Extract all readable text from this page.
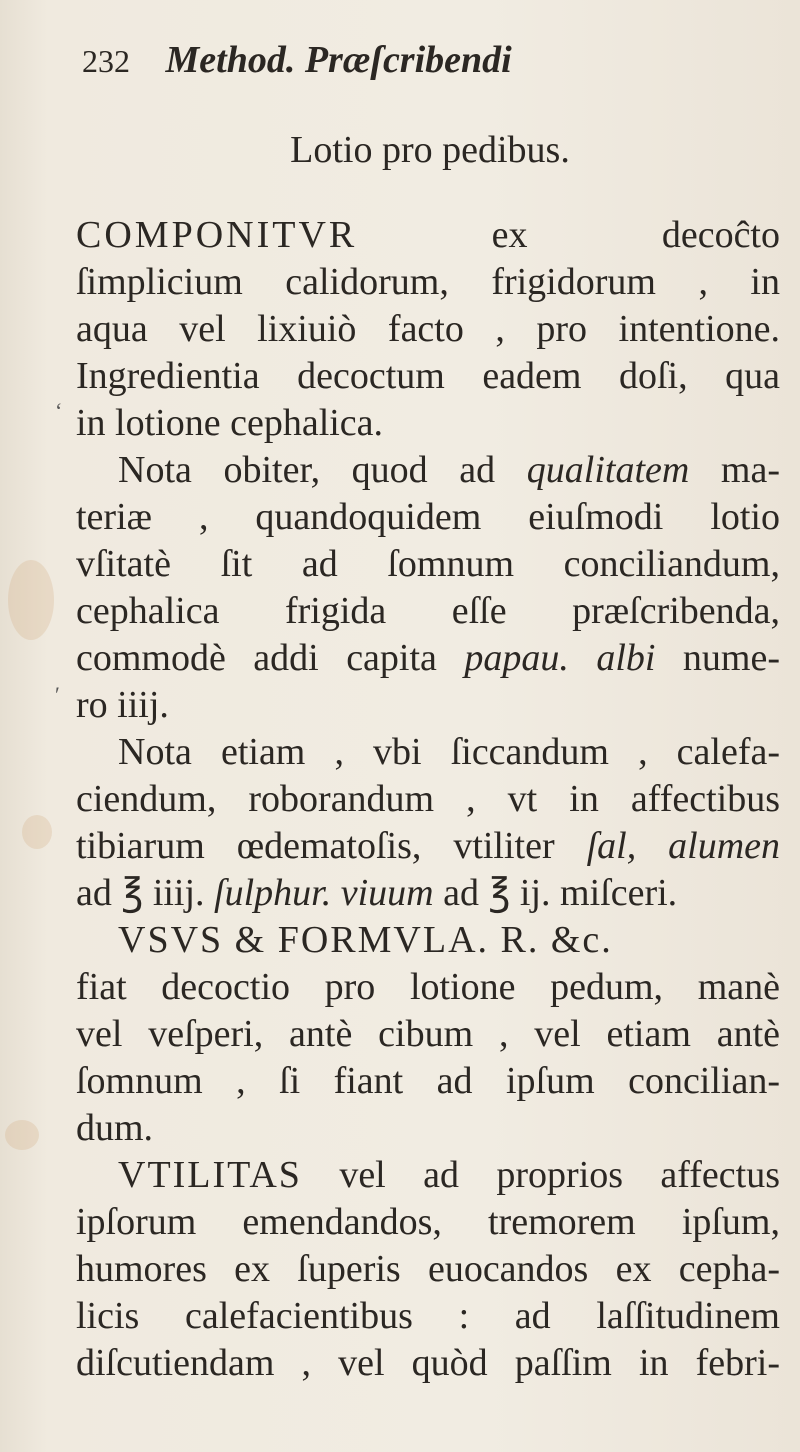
232 Method. Præſcribendi
Lotio pro pedibus.
‘
′
COMPONITVR ex decoĉto
ſimplicium calidorum, frigidorum , in
aqua vel lixiuiò facto , pro intentione.
Ingredientia decoctum eadem doſi, qua
in lotione cephalica.
Nota obiter, quod ad qualitatem ma-
teriæ , quandoquidem eiuſmodi lotio
vſitatè ſit ad ſomnum conciliandum,
cephalica frigida eſſe præſcribenda,
commodè addi capita papau. albi nume-
ro iiij.
Nota etiam , vbi ſiccandum , calefa-
ciendum, roborandum , vt in affectibus
tibiarum œdematoſis, vtiliter ſal, alumen
ad ℥ iiij. ſulphur. viuum ad ℥ ij. miſceri.
VSVS & FORMVLA. R. &c.
fiat decoctio pro lotione pedum, manè
vel veſperi, antè cibum , vel etiam antè
ſomnum , ſi fiant ad ipſum concilian-
dum.
VTILITAS vel ad proprios affectus
ipſorum emendandos, tremorem ipſum,
humores ex ſuperis euocandos ex cepha-
licis calefacientibus : ad laſſitudinem
diſcutiendam , vel quòd paſſim in febri-
